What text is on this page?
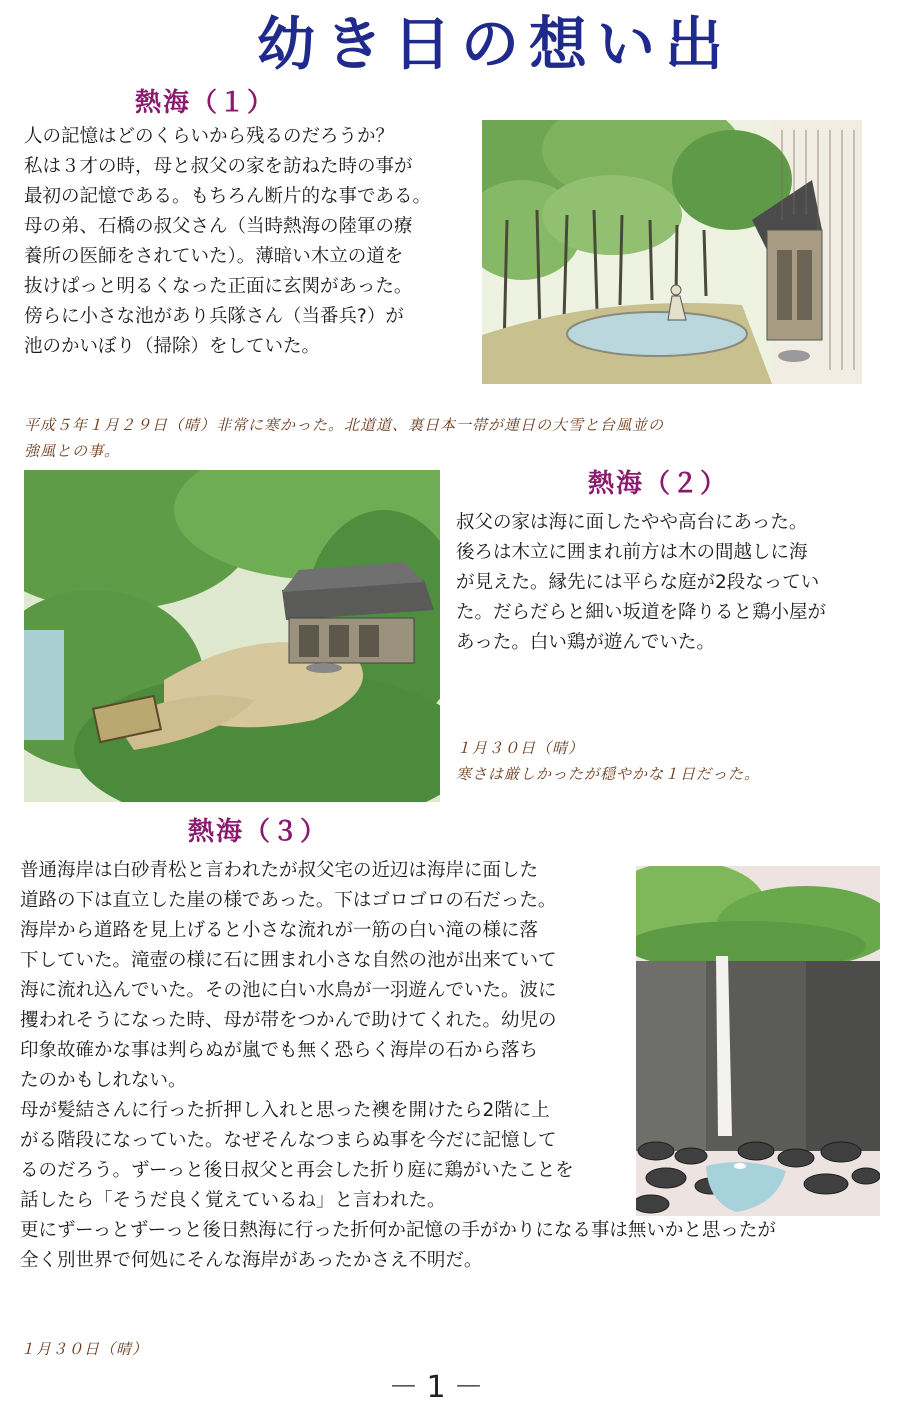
幼き日の想い出
熱海（１）
人の記憶はどのくらいから残るのだろうか？
私は３才の時，母と叔父の家を訪ねた時の事が
最初の記憶である。もちろん断片的な事である。
母の弟、石橋の叔父さん（当時熱海の陸軍の療
養所の医師をされていた）。薄暗い木立の道を
抜けぱっと明るくなった正面に玄関があった。
傍らに小さな池があり兵隊さん（当番兵?）が
池のかいぼり（掃除）をしていた。
平成５年１月２９日（晴）非常に寒かった。北道道、裏日本一帯が連日の大雪と台風並の
強風との事。
熱海（２）
叔父の家は海に面したやや高台にあった。
後ろは木立に囲まれ前方は木の間越しに海
が見えた。縁先には平らな庭が2段なってい
た。だらだらと細い坂道を降りると鶏小屋が
あった。白い鶏が遊んでいた。
１月３０日（晴）
寒さは厳しかったが穏やかな１日だった。
熱海（３）
普通海岸は白砂青松と言われたが叔父宅の近辺は海岸に面した
道路の下は直立した崖の様であった。下はゴロゴロの石だった。
海岸から道路を見上げると小さな流れが一筋の白い滝の様に落
下していた。滝壺の様に石に囲まれ小さな自然の池が出来ていて
海に流れ込んでいた。その池に白い水鳥が一羽遊んでいた。波に
攫われそうになった時、母が帯をつかんで助けてくれた。幼児の
印象故確かな事は判らぬが嵐でも無く恐らく海岸の石から落ち
たのかもしれない。
母が髪結さんに行った折押し入れと思った襖を開けたら2階に上
がる階段になっていた。なぜそんなつまらぬ事を今だに記憶して
るのだろう。ずーっと後日叔父と再会した折り庭に鶏がいたことを
話したら「そうだ良く覚えているね」と言われた。
更にずーっとずーっと後日熱海に行った折何か記憶の手がかりになる事は無いかと思ったが
全く別世界で何処にそんな海岸があったかさえ不明だ。
１月３０日（晴）
－1－
